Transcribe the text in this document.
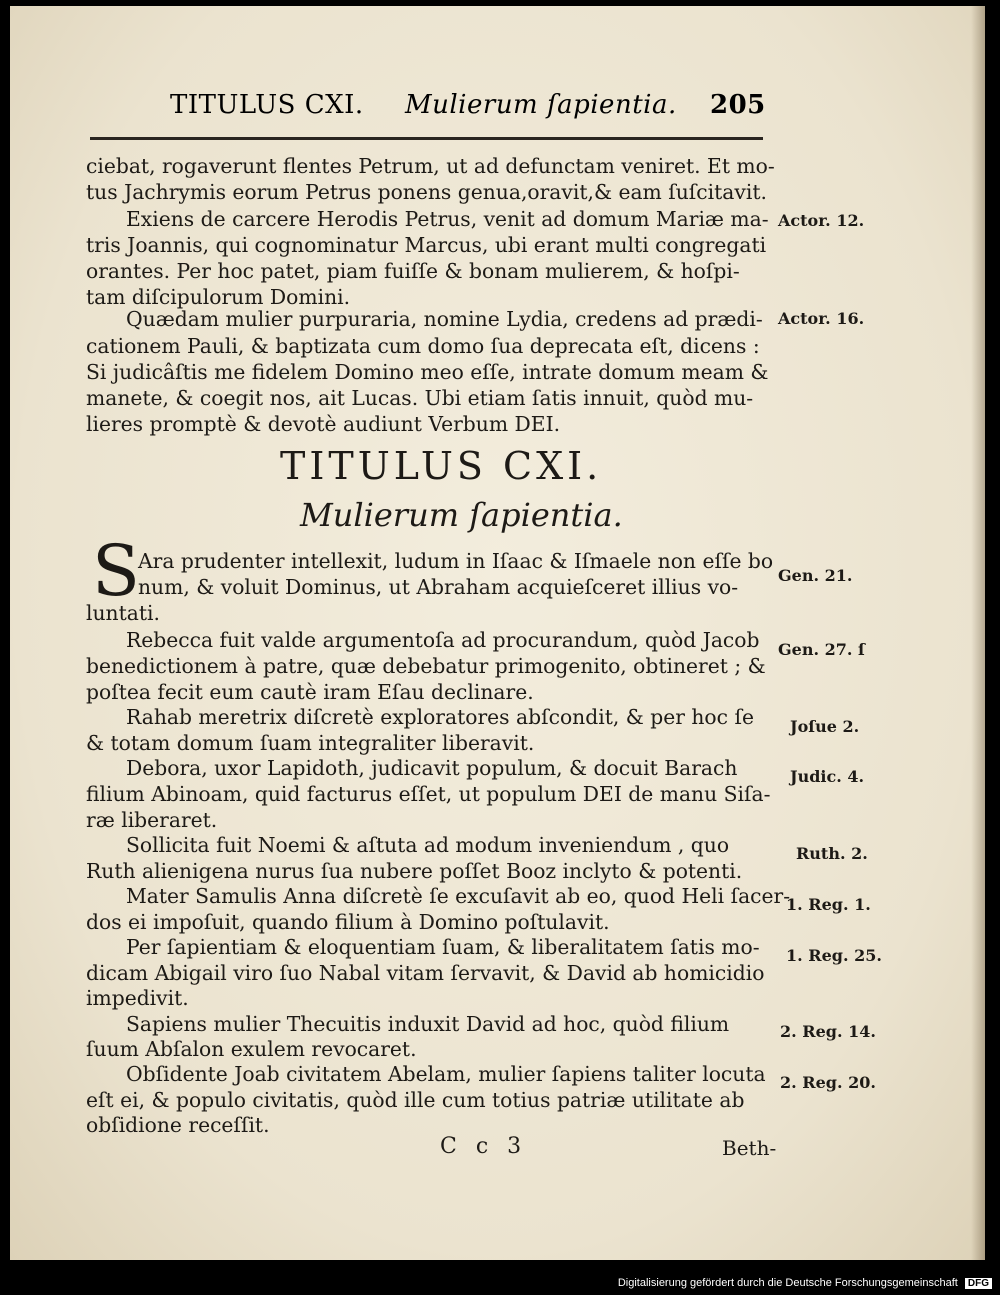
TITULUS CXI. Mulierum ſapientia. 205
ciebat, rogaverunt flentes Petrum, ut ad defunctam veniret. Et mo-
tus Jachrymis eorum Petrus ponens genua,oravit,& eam ſuſcitavit.
Exiens de carcere Herodis Petrus, venit ad domum Mariæ ma-
tris Joannis, qui cognominatur Marcus, ubi erant multi congregati
orantes. Per hoc patet, piam fuiſſe & bonam mulierem, & hoſpi-
tam diſcipulorum Domini.
Quædam mulier purpuraria, nomine Lydia, credens ad prædi-
cationem Pauli, & baptizata cum domo ſua deprecata eſt, dicens :
Si judicâſtis me fidelem Domino meo eſſe, intrate domum meam &
manete, & coegit nos, ait Lucas. Ubi etiam ſatis innuit, quòd mu-
lieres promptè & devotè audiunt Verbum DEI.
Actor. 12.
Actor. 16.
TITULUS CXI.
Mulierum ſapientia.
S
Ara prudenter intellexit, ludum in Iſaac & Iſmaele non eſſe bo
num, & voluit Dominus, ut Abraham acquieſceret illius vo-
luntati.
Rebecca fuit valde argumentoſa ad procurandum, quòd Jacob
benedictionem à patre, quæ debebatur primogenito, obtineret ; &
poſtea fecit eum cautè iram Eſau declinare.
Rahab meretrix diſcretè exploratores abſcondit, & per hoc ſe
& totam domum ſuam integraliter liberavit.
Debora, uxor Lapidoth, judicavit populum, & docuit Barach
filium Abinoam, quid facturus eſſet, ut populum DEI de manu Siſa-
ræ liberaret.
Sollicita fuit Noemi & aſtuta ad modum inveniendum , quo
Ruth alienigena nurus ſua nubere poſſet Booz inclyto & potenti.
Mater Samulis Anna diſcretè ſe excuſavit ab eo, quod Heli ſacer-
dos ei impoſuit, quando filium à Domino poſtulavit.
Per ſapientiam & eloquentiam ſuam, & liberalitatem ſatis mo-
dicam Abigail viro ſuo Nabal vitam ſervavit, & David ab homicidio
impedivit.
Sapiens mulier Thecuitis induxit David ad hoc, quòd filium
ſuum Abſalon exulem revocaret.
Obſidente Joab civitatem Abelam, mulier ſapiens taliter locuta
eſt ei, & populo civitatis, quòd ille cum totius patriæ utilitate ab
obſidione receſſit.
Gen. 21.
Gen. 27. ſ
Joſue 2.
Judic. 4.
Ruth. 2.
1. Reg. 1.
1. Reg. 25.
2. Reg. 14.
2. Reg. 20.
C c 3	Beth-
Digitalisierung gefördert durch die Deutsche Forschungsgemeinschaft DFG
